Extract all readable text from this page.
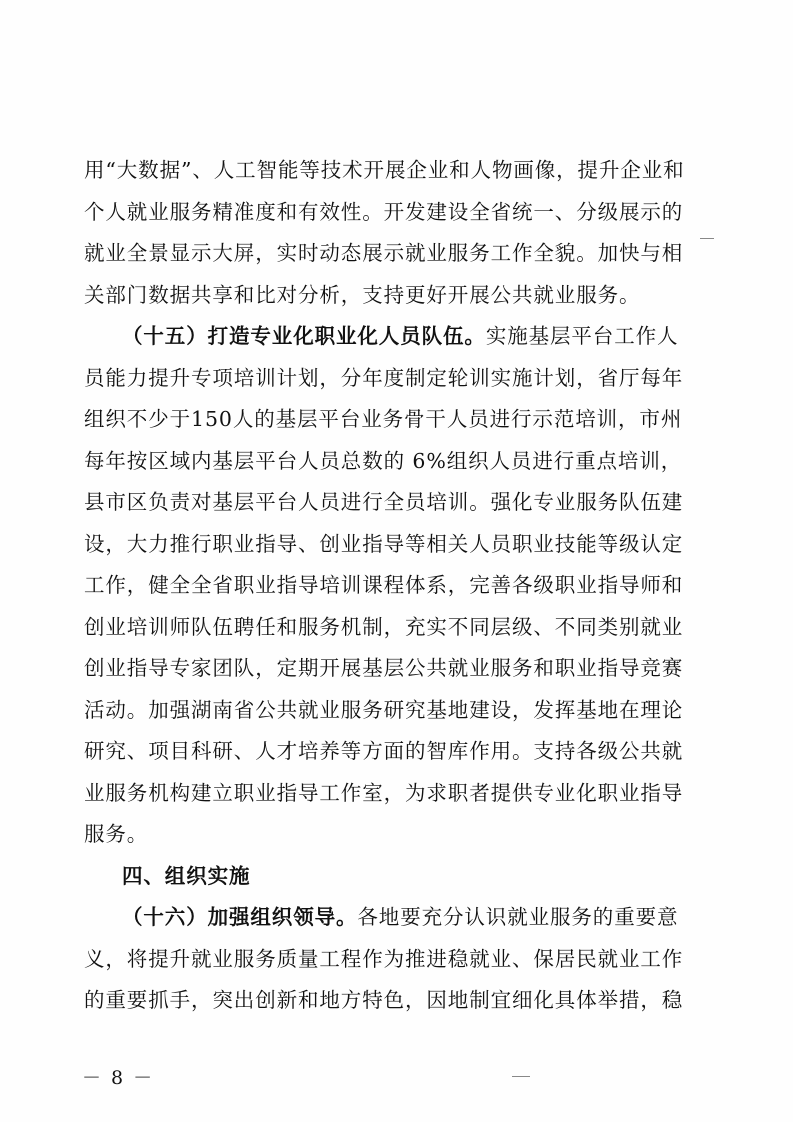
用“大数据”、人工智能等技术开展企业和人物画像，提升企业和
个人就业服务精准度和有效性。开发建设全省统一、分级展示的
就业全景显示大屏，实时动态展示就业服务工作全貌。加快与相
关部门数据共享和比对分析，支持更好开展公共就业服务。
（十五）打造专业化职业化人员队伍。实施基层平台工作人
员能力提升专项培训计划，分年度制定轮训实施计划，省厅每年
组织不少于150人的基层平台业务骨干人员进行示范培训，市州
每年按区域内基层平台人员总数的 6%组织人员进行重点培训，
县市区负责对基层平台人员进行全员培训。强化专业服务队伍建
设，大力推行职业指导、创业指导等相关人员职业技能等级认定
工作，健全全省职业指导培训课程体系，完善各级职业指导师和
创业培训师队伍聘任和服务机制，充实不同层级、不同类别就业
创业指导专家团队，定期开展基层公共就业服务和职业指导竞赛
活动。加强湖南省公共就业服务研究基地建设，发挥基地在理论
研究、项目科研、人才培养等方面的智库作用。支持各级公共就
业服务机构建立职业指导工作室，为求职者提供专业化职业指导
服务。
四、组织实施
（十六）加强组织领导。各地要充分认识就业服务的重要意
义，将提升就业服务质量工程作为推进稳就业、保居民就业工作
的重要抓手，突出创新和地方特色，因地制宜细化具体举措，稳
－ 8 －
